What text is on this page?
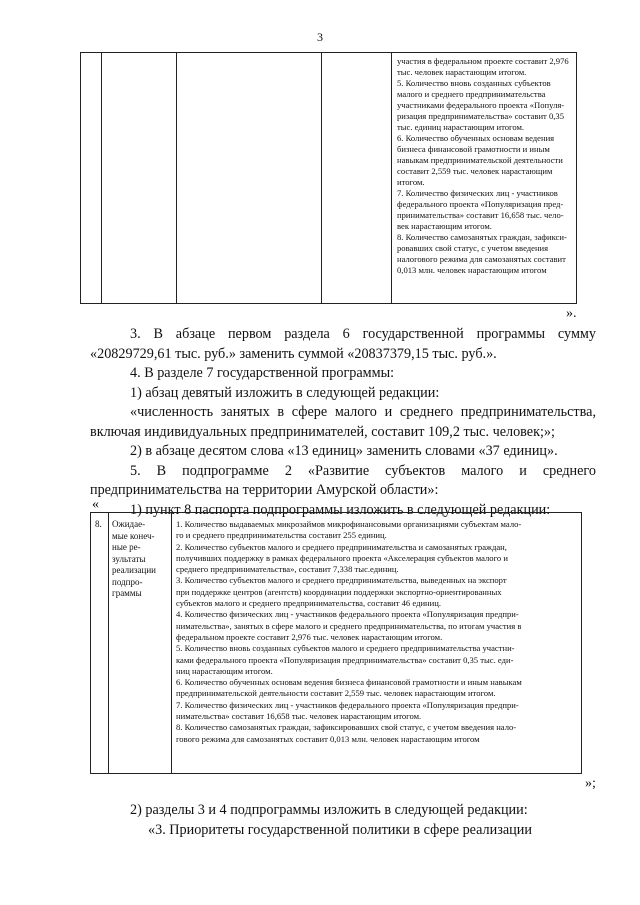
3

участия в федеральном проекте составит 2,976

тыс. человек нарастающим итогом.

5. Количество вновь созданных субъектов

малого и среднего предпринимательства

участниками федерального проекта «Популя-

ризация предпринимательства» составит 0,35

тыс. единиц нарастающим итогом.

6. Количество обученных основам ведения

бизнеса финансовой грамотности и иным

навыкам предпринимательской деятельности

составит 2,559 тыс. человек нарастающим

итогом.

7. Количество физических лиц - участников

федерального проекта «Популяризация пред-

принимательства» составит 16,658 тыс. чело-

век нарастающим итогом.

8. Количество самозанятых граждан, зафикси-

ровавших свой статус, с учетом введения

налогового режима для самозанятых составит

0,013 млн. человек нарастающим итогом

».

3. В абзаце первом раздела 6 государственной программы сумму «20829729,61 тыс. руб.» заменить суммой «20837379,15 тыс. руб.».

4. В разделе 7 государственной программы:

1) абзац девятый изложить в следующей редакции:

«численность занятых в сфере малого и среднего предпринимательства, включая индивидуальных предпринимателей, составит 109,2 тыс. человек;»;

2) в абзаце десятом слова «13 единиц» заменить словами «37 единиц».

5. В подпрограмме 2 «Развитие субъектов малого и среднего предпринимательства на территории Амурской области»:

1) пункт 8 паспорта подпрограммы изложить в следующей редакции:

«
8. Ожидае-
мые конеч-
ные ре-
зультаты
реализации
подпро-
граммы

1. Количество выдаваемых микрозаймов микрофинансовыми организациями субъектам мало-

го и среднего предпринимательства составит 255 единиц.

2. Количество субъектов малого и среднего предпринимательства и самозанятых граждан,

получивших поддержку в рамках федерального проекта «Акселерация субъектов малого и

среднего предпринимательства», составит 7,338 тыс.единиц.

3. Количество субъектов малого и среднего предпринимательства, выведенных на экспорт

при поддержке центров (агентств) координации поддержки экспортно-ориентированных

субъектов малого и среднего предпринимательства, составит 46 единиц.

4. Количество физических лиц - участников федерального проекта «Популяризация предпри-

нимательства», занятых в сфере малого и среднего предпринимательства, по итогам участия в

федеральном проекте составит 2,976 тыс. человек нарастающим итогом.

5. Количество вновь созданных субъектов малого и среднего предпринимательства участни-

ками федерального проекта «Популяризация предпринимательства» составит 0,35 тыс. еди-

ниц нарастающим итогом.

6. Количество обученных основам ведения бизнеса финансовой грамотности и иным навыкам

предпринимательской деятельности составит 2,559 тыс. человек нарастающим итогом.

7. Количество физических лиц - участников федерального проекта «Популяризация предпри-

нимательства» составит 16,658 тыс. человек нарастающим итогом.

8. Количество самозанятых граждан, зафиксировавших свой статус, с учетом введения нало-

гового режима для самозанятых составит 0,013 млн. человек нарастающим итогом

»;

2) разделы 3 и 4 подпрограммы изложить в следующей редакции:

«3. Приоритеты государственной политики в сфере реализации
